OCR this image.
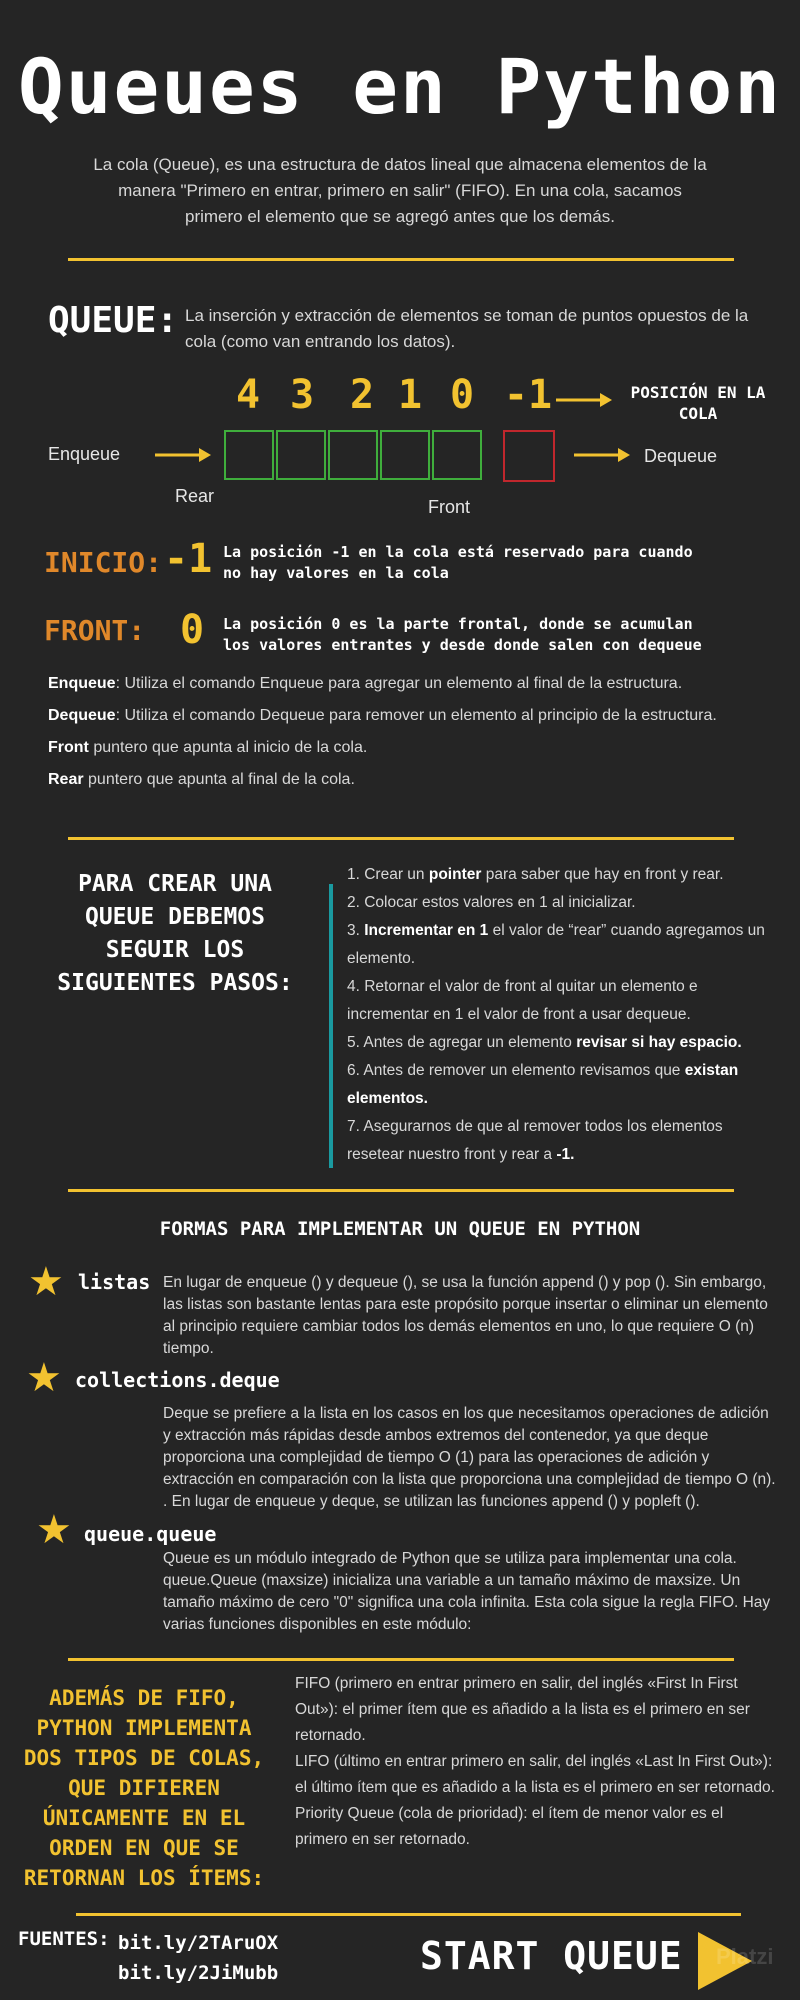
Queues en Python
La cola (Queue), es una estructura de datos lineal que almacena elementos de la manera "Primero en entrar, primero en salir" (FIFO). En una cola, sacamos primero el elemento que se agregó antes que los demás.
QUEUE: La inserción y extracción de elementos se toman de puntos opuestos de la cola (como van entrando los datos).
4 3 2 1 0 -1	POSICIÓN EN LA COLA
Enqueue	Dequeue
Rear
Front
INICIO: -1 La posición -1 en la cola está reservado para cuando
no hay valores en la cola
FRONT: 0 La posición 0 es la parte frontal, donde se acumulan
los valores entrantes y desde donde salen con dequeue
Enqueue: Utiliza el comando Enqueue para agregar un elemento al final de la estructura.
Dequeue: Utiliza el comando Dequeue para remover un elemento al principio de la estructura.
Front puntero que apunta al inicio de la cola.
Rear puntero que apunta al final de la cola.
PARA CREAR UNA QUEUE DEBEMOS SEGUIR LOS SIGUIENTES PASOS:
1. Crear un pointer para saber que hay en front y rear.
2. Colocar estos valores en 1 al inicializar.
3. Incrementar en 1 el valor de “rear” cuando agregamos un elemento.
4. Retornar el valor de front al quitar un elemento e incrementar en 1 el valor de front a usar dequeue.
5. Antes de agregar un elemento revisar si hay espacio.
6. Antes de remover un elemento revisamos que existan elementos.
7. Asegurarnos de que al remover todos los elementos resetear nuestro front y rear a -1.
FORMAS PARA IMPLEMENTAR UN QUEUE EN PYTHON
★ listas En lugar de enqueue () y dequeue (), se usa la función append () y pop (). Sin embargo, las listas son bastante lentas para este propósito porque insertar o eliminar un elemento al principio requiere cambiar todos los demás elementos en uno, lo que requiere O (n) tiempo.
★ collections.deque
Deque se prefiere a la lista en los casos en los que necesitamos operaciones de adición y extracción más rápidas desde ambos extremos del contenedor, ya que deque proporciona una complejidad de tiempo O (1) para las operaciones de adición y extracción en comparación con la lista que proporciona una complejidad de tiempo O (n). . En lugar de enqueue y deque, se utilizan las funciones append () y popleft ().
★ queue.queue
Queue es un módulo integrado de Python que se utiliza para implementar una cola. queue.Queue (maxsize) inicializa una variable a un tamaño máximo de maxsize. Un tamaño máximo de cero "0" significa una cola infinita. Esta cola sigue la regla FIFO. Hay varias funciones disponibles en este módulo:
ADEMÁS DE FIFO, PYTHON IMPLEMENTA DOS TIPOS DE COLAS, QUE DIFIEREN ÚNICAMENTE EN EL ORDEN EN QUE SE RETORNAN LOS ÍTEMS:
FIFO (primero en entrar primero en salir, del inglés «First In First Out»): el primer ítem que es añadido a la lista es el primero en ser retornado.
LIFO (último en entrar primero en salir, del inglés «Last In First Out»): el último ítem que es añadido a la lista es el primero en ser retornado.
Priority Queue (cola de prioridad): el ítem de menor valor es el primero en ser retornado.
FUENTES: bit.ly/2TAruOX
bit.ly/2JiMubb	START QUEUE Platzi
